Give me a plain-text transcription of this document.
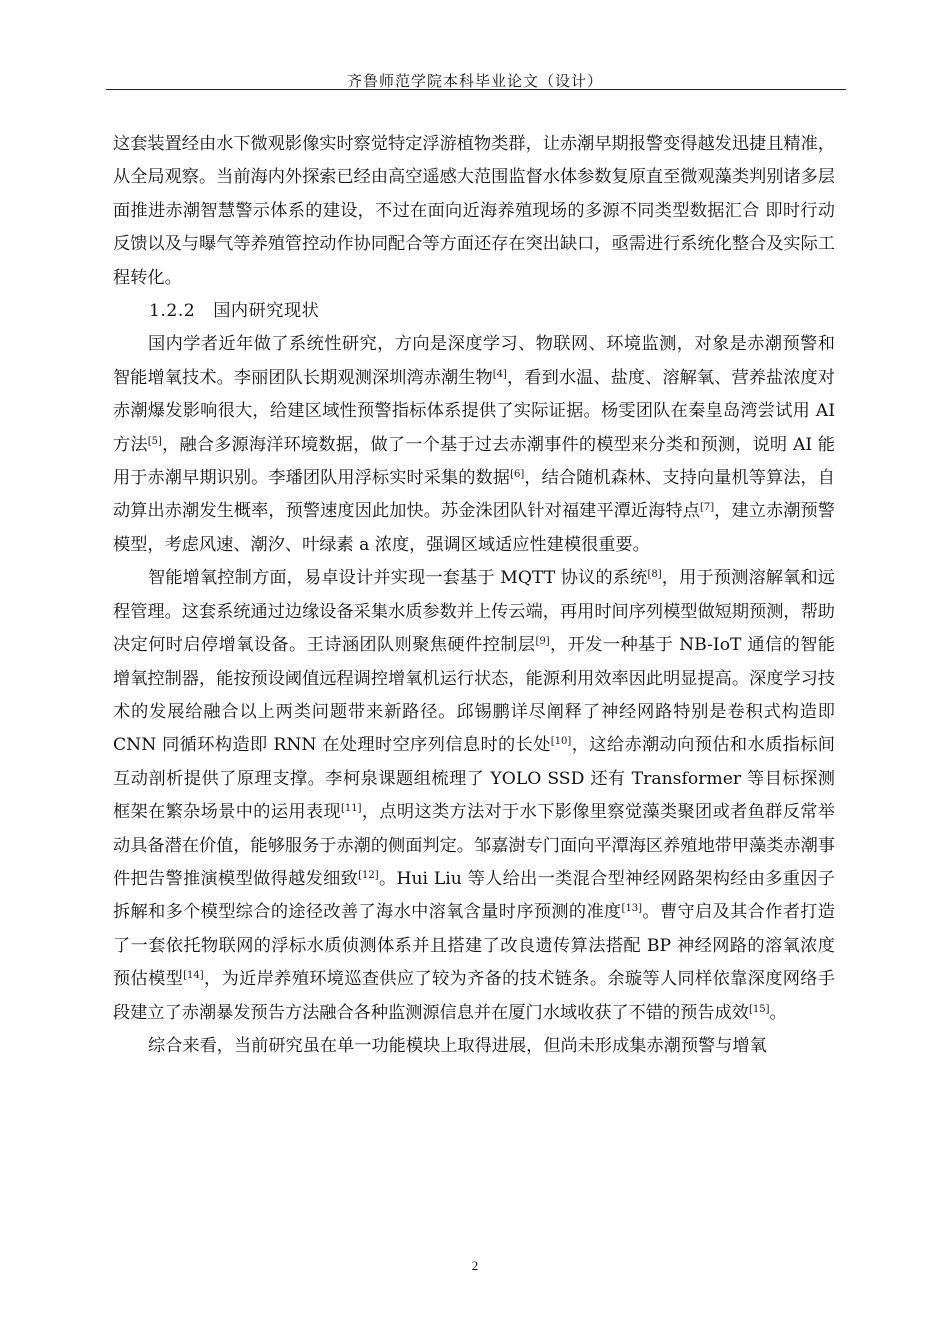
齐鲁师范学院本科毕业论文（设计）

这套装置经由水下微观影像实时察觉特定浮游植物类群，让赤潮早期报警变得越发迅捷且精准，从全局观察。当前海内外探索已经由高空遥感大范围监督水体参数复原直至微观藻类判别诸多层面推进赤潮智慧警示体系的建设，不过在面向近海养殖现场的多源不同类型数据汇合 即时行动反馈以及与曝气等养殖管控动作协同配合等方面还存在突出缺口，亟需进行系统化整合及实际工程转化。

1.2.2 国内研究现状

国内学者近年做了系统性研究，方向是深度学习、物联网、环境监测，对象是赤潮预警和智能增氧技术。李丽团队长期观测深圳湾赤潮生物[4]，看到水温、盐度、溶解氧、营养盐浓度对赤潮爆发影响很大，给建区域性预警指标体系提供了实际证据。杨雯团队在秦皇岛湾尝试用 AI 方法[5]，融合多源海洋环境数据，做了一个基于过去赤潮事件的模型来分类和预测，说明 AI 能用于赤潮早期识别。李璠团队用浮标实时采集的数据[6]，结合随机森林、支持向量机等算法，自动算出赤潮发生概率，预警速度因此加快。苏金洙团队针对福建平潭近海特点[7]，建立赤潮预警模型，考虑风速、潮汐、叶绿素 a 浓度，强调区域适应性建模很重要。

智能增氧控制方面，易卓设计并实现一套基于 MQTT 协议的系统[8]，用于预测溶解氧和远程管理。这套系统通过边缘设备采集水质参数并上传云端，再用时间序列模型做短期预测，帮助决定何时启停增氧设备。王诗涵团队则聚焦硬件控制层[9]，开发一种基于 NB-IoT 通信的智能增氧控制器，能按预设阈值远程调控增氧机运行状态，能源利用效率因此明显提高。深度学习技术的发展给融合以上两类问题带来新路径。邱锡鹏详尽阐释了神经网路特别是卷积式构造即 CNN 同循环构造即 RNN 在处理时空序列信息时的长处[10]，这给赤潮动向预估和水质指标间互动剖析提供了原理支撑。李柯泉课题组梳理了 YOLO SSD 还有 Transformer 等目标探测框架在繁杂场景中的运用表现[11]，点明这类方法对于水下影像里察觉藻类聚团或者鱼群反常举动具备潜在价值，能够服务于赤潮的侧面判定。邹嘉澍专门面向平潭海区养殖地带甲藻类赤潮事件把告警推演模型做得越发细致[12]。Hui Liu 等人给出一类混合型神经网路架构经由多重因子拆解和多个模型综合的途径改善了海水中溶氧含量时序预测的准度[13]。曹守启及其合作者打造了一套依托物联网的浮标水质侦测体系并且搭建了改良遗传算法搭配 BP 神经网路的溶氧浓度预估模型[14]，为近岸养殖环境巡查供应了较为齐备的技术链条。余璇等人同样依靠深度网络手段建立了赤潮暴发预告方法融合各种监测源信息并在厦门水域收获了不错的预告成效[15]。

综合来看，当前研究虽在单一功能模块上取得进展，但尚未形成集赤潮预警与增氧

2
